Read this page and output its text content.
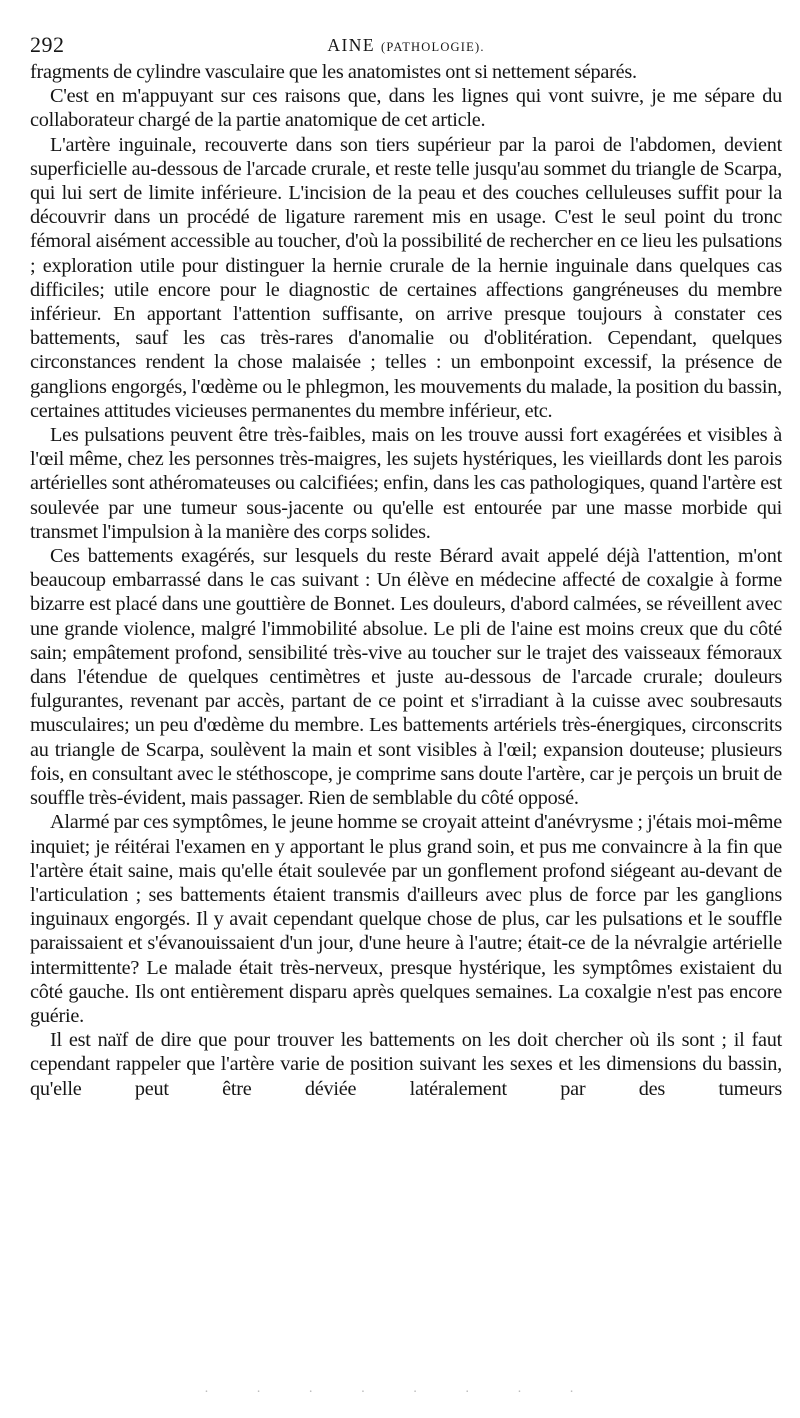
292	AINE (PATHOLOGIE).

fragments de cylindre vasculaire que les anatomistes ont si nettement séparés.

C'est en m'appuyant sur ces raisons que, dans les lignes qui vont suivre, je me sépare du collaborateur chargé de la partie anatomique de cet article.

L'artère inguinale, recouverte dans son tiers supérieur par la paroi de l'abdomen, devient superficielle au-dessous de l'arcade crurale, et reste telle jusqu'au sommet du triangle de Scarpa, qui lui sert de limite inférieure. L'incision de la peau et des couches celluleuses suffit pour la découvrir dans un procédé de ligature rarement mis en usage. C'est le seul point du tronc fémoral aisément accessible au toucher, d'où la possibilité de rechercher en ce lieu les pulsations ; exploration utile pour distinguer la hernie crurale de la hernie inguinale dans quelques cas difficiles; utile encore pour le diagnostic de certaines affections gangréneuses du membre inférieur. En apportant l'attention suffisante, on arrive presque toujours à constater ces battements, sauf les cas très-rares d'anomalie ou d'oblitération. Cependant, quelques circonstances rendent la chose malaisée ; telles : un embonpoint excessif, la présence de ganglions engorgés, l'œdème ou le phlegmon, les mouvements du malade, la position du bassin, certaines attitudes vicieuses permanentes du membre inférieur, etc.

Les pulsations peuvent être très-faibles, mais on les trouve aussi fort exagérées et visibles à l'œil même, chez les personnes très-maigres, les sujets hystériques, les vieillards dont les parois artérielles sont athéromateuses ou calcifiées; enfin, dans les cas pathologiques, quand l'artère est soulevée par une tumeur sous-jacente ou qu'elle est entourée par une masse morbide qui transmet l'impulsion à la manière des corps solides.

Ces battements exagérés, sur lesquels du reste Bérard avait appelé déjà l'attention, m'ont beaucoup embarrassé dans le cas suivant : Un élève en médecine affecté de coxalgie à forme bizarre est placé dans une gouttière de Bonnet. Les douleurs, d'abord calmées, se réveillent avec une grande violence, malgré l'immobilité absolue. Le pli de l'aine est moins creux que du côté sain; empâtement profond, sensibilité très-vive au toucher sur le trajet des vaisseaux fémoraux dans l'étendue de quelques centimètres et juste au-dessous de l'arcade crurale; douleurs fulgurantes, revenant par accès, partant de ce point et s'irradiant à la cuisse avec soubresauts musculaires; un peu d'œdème du membre. Les battements artériels très-énergiques, circonscrits au triangle de Scarpa, soulèvent la main et sont visibles à l'œil; expansion douteuse; plusieurs fois, en consultant avec le stéthoscope, je comprime sans doute l'artère, car je perçois un bruit de souffle très-évident, mais passager. Rien de semblable du côté opposé.

Alarmé par ces symptômes, le jeune homme se croyait atteint d'anévrysme ; j'étais moi-même inquiet; je réitérai l'examen en y apportant le plus grand soin, et pus me convaincre à la fin que l'artère était saine, mais qu'elle était soulevée par un gonflement profond siégeant au-devant de l'articulation ; ses battements étaient transmis d'ailleurs avec plus de force par les ganglions inguinaux engorgés. Il y avait cependant quelque chose de plus, car les pulsations et le souffle paraissaient et s'évanouissaient d'un jour, d'une heure à l'autre; était-ce de la névralgie artérielle intermittente? Le malade était très-nerveux, presque hystérique, les symptômes existaient du côté gauche. Ils ont entièrement disparu après quelques semaines. La coxalgie n'est pas encore guérie.

Il est naïf de dire que pour trouver les battements on les doit chercher où ils sont ; il faut cependant rappeler que l'artère varie de position suivant les sexes et les dimensions du bassin, qu'elle peut être déviée latéralement par des tumeurs

· · · · · · · ·
